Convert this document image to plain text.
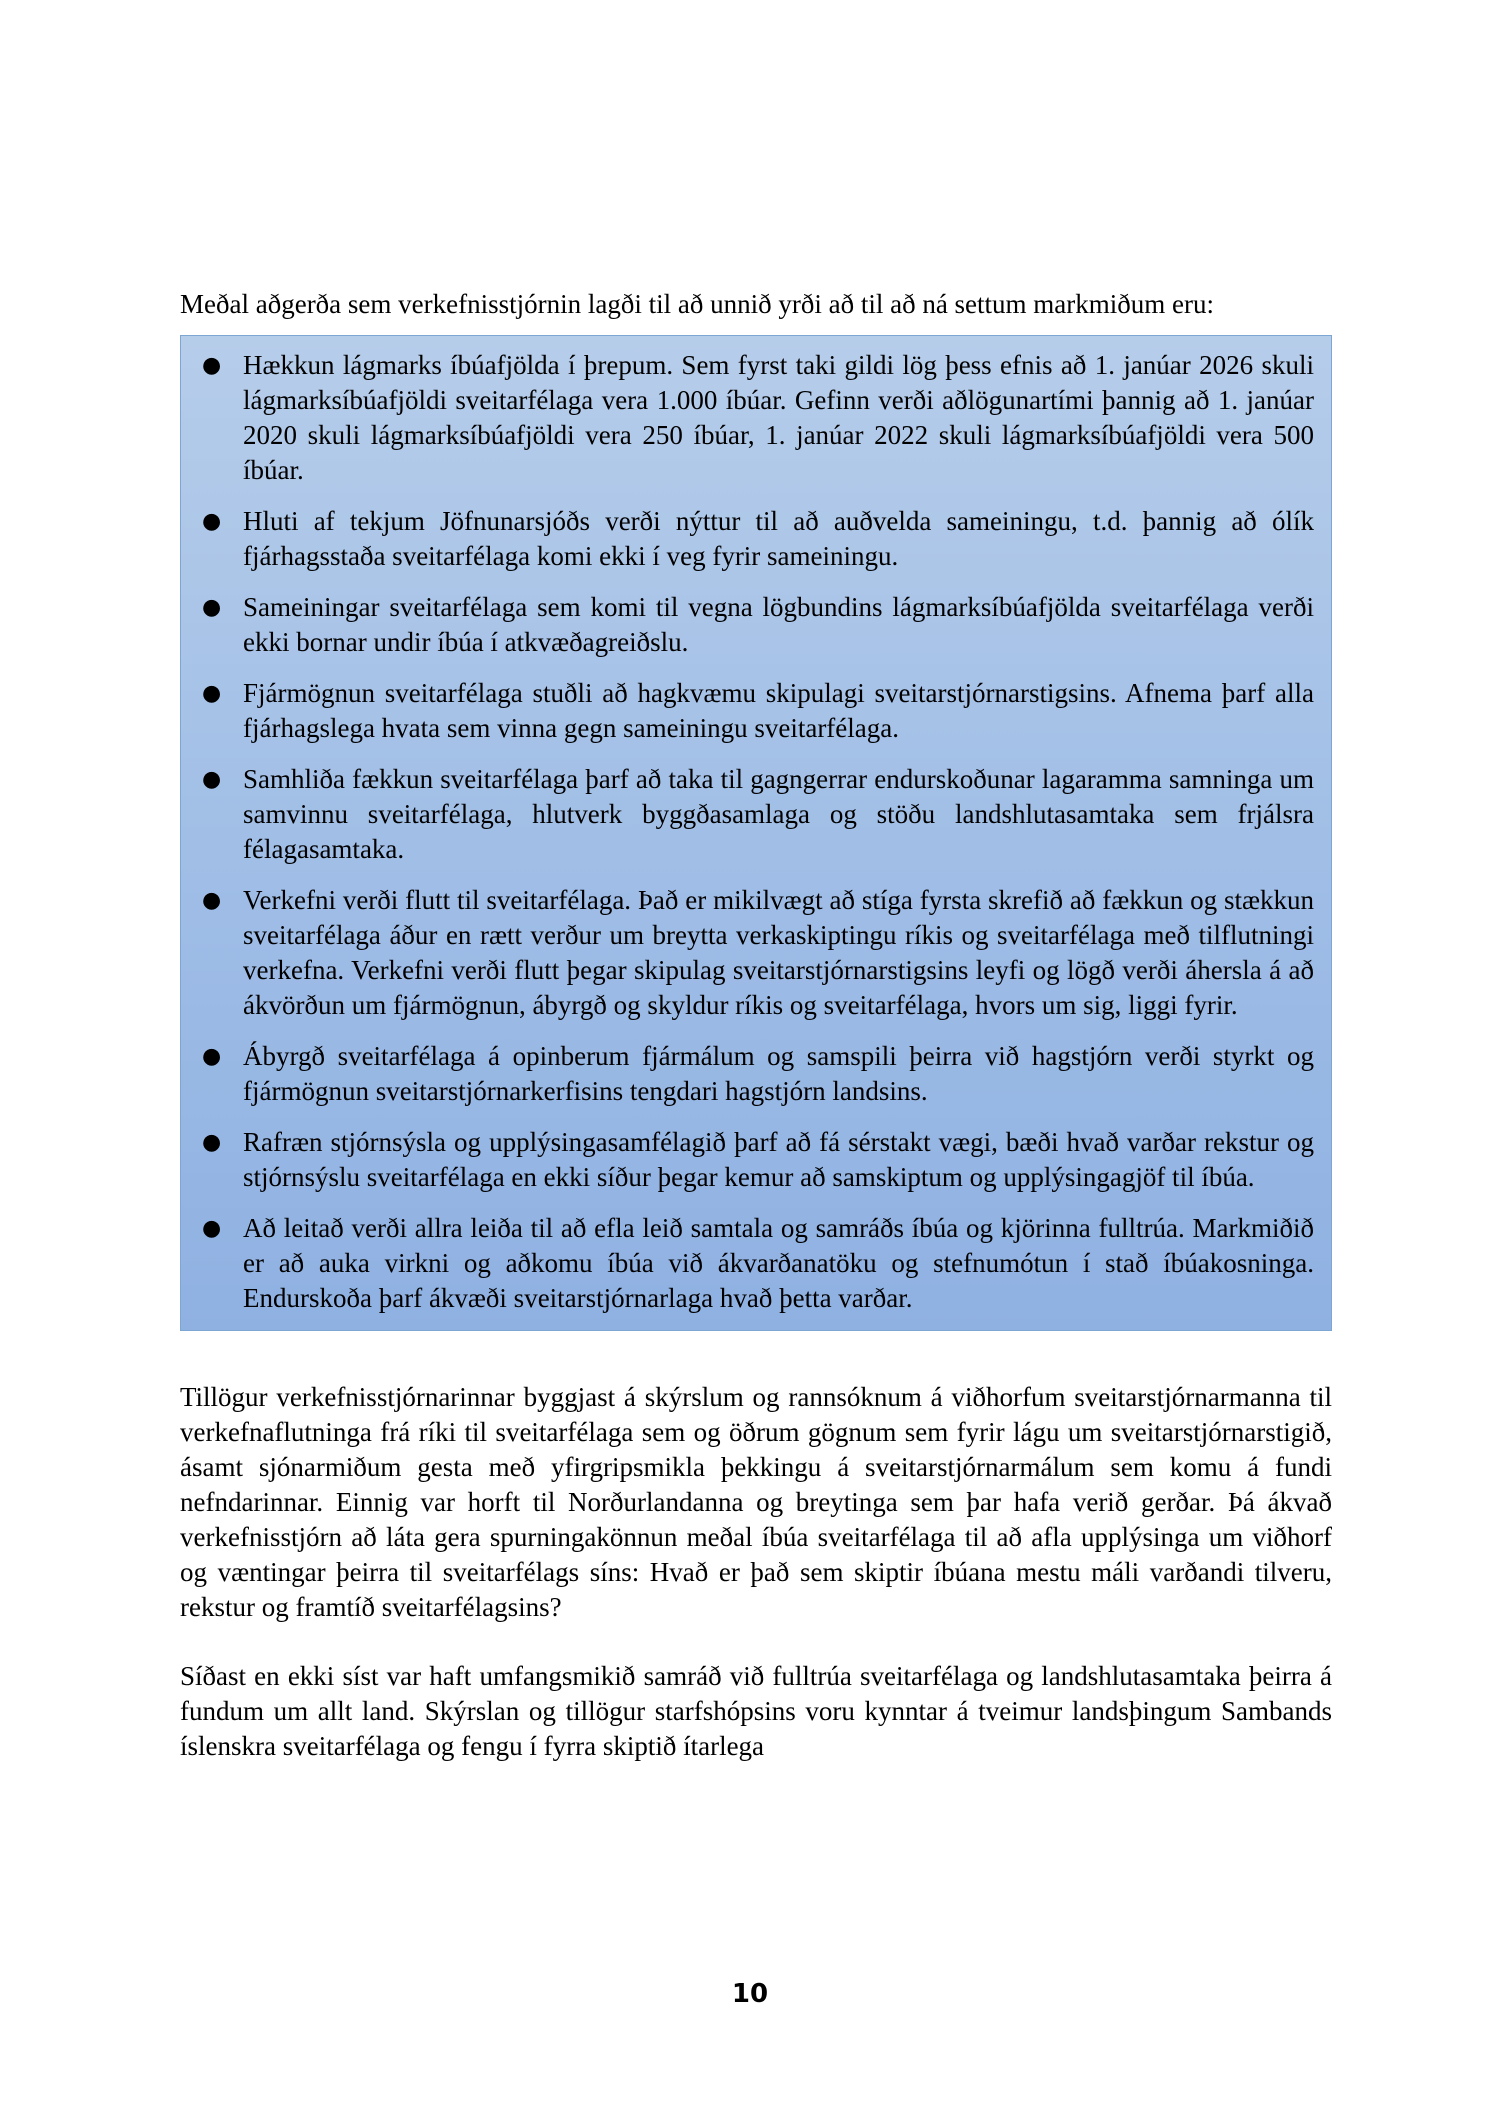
Meðal aðgerða sem verkefnisstjórnin lagði til að unnið yrði að til að ná settum markmiðum eru:

● Hækkun lágmarks íbúafjölda í þrepum. Sem fyrst taki gildi lög þess efnis að 1. janúar 2026 skuli lágmarksíbúafjöldi sveitarfélaga vera 1.000 íbúar. Gefinn verði aðlögunartími þannig að 1. janúar 2020 skuli lágmarksíbúafjöldi vera 250 íbúar, 1. janúar 2022 skuli lágmarksíbúafjöldi vera 500 íbúar.
● Hluti af tekjum Jöfnunarsjóðs verði nýttur til að auðvelda sameiningu, t.d. þannig að ólík fjárhagsstaða sveitarfélaga komi ekki í veg fyrir sameiningu.
● Sameiningar sveitarfélaga sem komi til vegna lögbundins lágmarksíbúafjölda sveitarfélaga verði ekki bornar undir íbúa í atkvæðagreiðslu.
● Fjármögnun sveitarfélaga stuðli að hagkvæmu skipulagi sveitarstjórnarstigsins. Afnema þarf alla fjárhagslega hvata sem vinna gegn sameiningu sveitarfélaga.
● Samhliða fækkun sveitarfélaga þarf að taka til gagngerrar endurskoðunar lagaramma samninga um samvinnu sveitarfélaga, hlutverk byggðasamlaga og stöðu landshlutasamtaka sem frjálsra félagasamtaka.
● Verkefni verði flutt til sveitarfélaga. Það er mikilvægt að stíga fyrsta skrefið að fækkun og stækkun sveitarfélaga áður en rætt verður um breytta verkaskiptingu ríkis og sveitarfélaga með tilflutningi verkefna. Verkefni verði flutt þegar skipulag sveitarstjórnarstigsins leyfi og lögð verði áhersla á að ákvörðun um fjármögnun, ábyrgð og skyldur ríkis og sveitarfélaga, hvors um sig, liggi fyrir.
● Ábyrgð sveitarfélaga á opinberum fjármálum og samspili þeirra við hagstjórn verði styrkt og fjármögnun sveitarstjórnarkerfisins tengdari hagstjórn landsins.
● Rafræn stjórnsýsla og upplýsingasamfélagið þarf að fá sérstakt vægi, bæði hvað varðar rekstur og stjórnsýslu sveitarfélaga en ekki síður þegar kemur að samskiptum og upplýsingagjöf til íbúa.
● Að leitað verði allra leiða til að efla leið samtala og samráðs íbúa og kjörinna fulltrúa. Markmiðið er að auka virkni og aðkomu íbúa við ákvarðanatöku og stefnumótun í stað íbúakosninga. Endurskoða þarf ákvæði sveitarstjórnarlaga hvað þetta varðar.

Tillögur verkefnisstjórnarinnar byggjast á skýrslum og rannsóknum á viðhorfum sveitarstjórnarmanna til verkefnaflutninga frá ríki til sveitarfélaga sem og öðrum gögnum sem fyrir lágu um sveitarstjórnarstigið, ásamt sjónarmiðum gesta með yfirgripsmikla þekkingu á sveitarstjórnarmálum sem komu á fundi nefndarinnar. Einnig var horft til Norðurlandanna og breytinga sem þar hafa verið gerðar. Þá ákvað verkefnisstjórn að láta gera spurningakönnun meðal íbúa sveitarfélaga til að afla upplýsinga um viðhorf og væntingar þeirra til sveitarfélags síns: Hvað er það sem skiptir íbúana mestu máli varðandi tilveru, rekstur og framtíð sveitarfélagsins?

Síðast en ekki síst var haft umfangsmikið samráð við fulltrúa sveitarfélaga og landshlutasamtaka þeirra á fundum um allt land. Skýrslan og tillögur starfshópsins voru kynntar á tveimur landsþingum Sambands íslenskra sveitarfélaga og fengu í fyrra skiptið ítarlega

10
